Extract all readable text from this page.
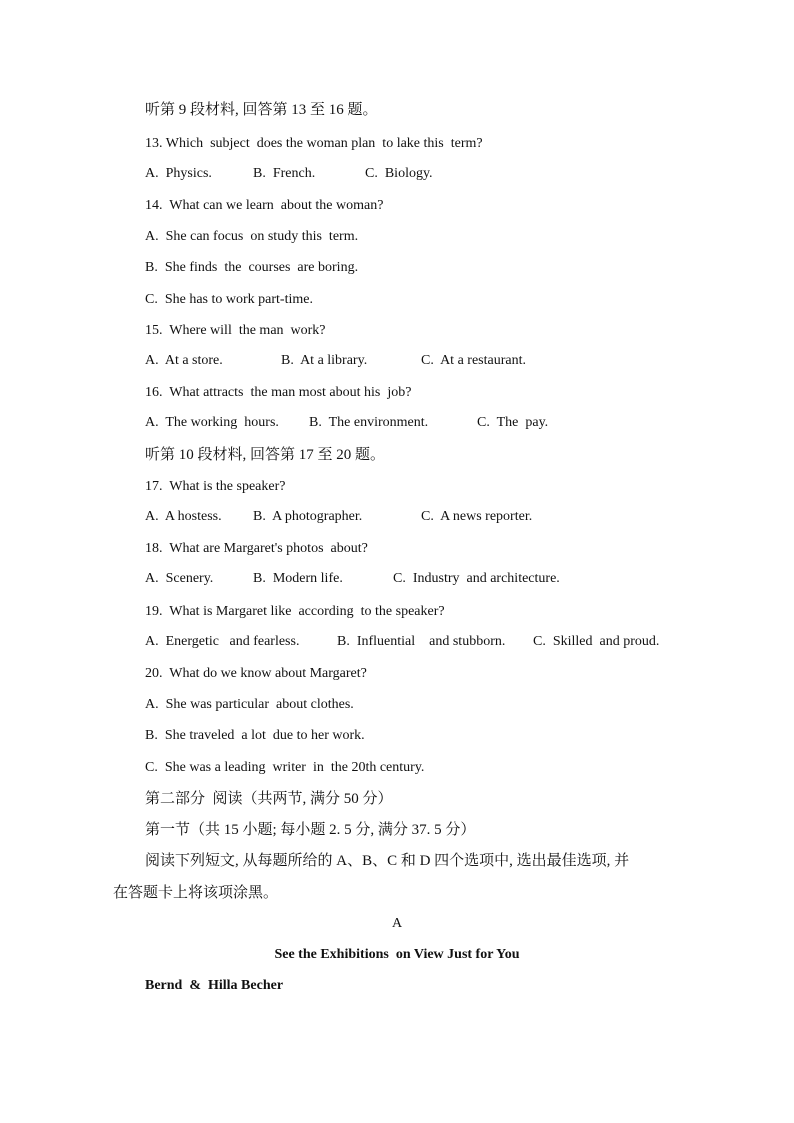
听第 9 段材料, 回答第 13 至 16 题。
13. Which  subject  does the woman plan  to lake this  term?
A.  Physics.	B.  French.	C.  Biology.
14.  What can we learn  about the woman?
A.  She can focus  on study this  term.
B.  She finds  the  courses  are boring.
C.  She has to work part-time.
15.  Where will  the man  work?
A.  At a store.	B.  At a library.	C.  At a restaurant.
16.  What attracts  the man most about his  job?
A.  The working  hours. B.  The environment.	C.  The  pay.
听第 10 段材料, 回答第 17 至 20 题。
17.  What is the speaker?
A.  A hostess. B.  A photographer.	C.  A news reporter.
18.  What are Margaret's photos  about?
A.  Scenery.	B.  Modern life.	C.  Industry  and architecture.
19.  What is Margaret like  according  to the speaker?
A.  Energetic   and fearless.	B.  Influential    and stubborn. C.  Skilled  and proud.
20.  What do we know about Margaret?
A.  She was particular  about clothes.
B.  She traveled  a lot  due to her work.
C.  She was a leading  writer  in  the 20th century.
第二部分  阅读（共两节, 满分 50 分）
第一节（共 15 小题; 每小题 2. 5 分, 满分 37. 5 分）
阅读下列短文, 从每题所给的 A、B、C 和 D 四个选项中, 选出最佳选项, 并
在答题卡上将该项涂黑。
A
See the Exhibitions  on View Just for You
Bernd  &  Hilla Becher
